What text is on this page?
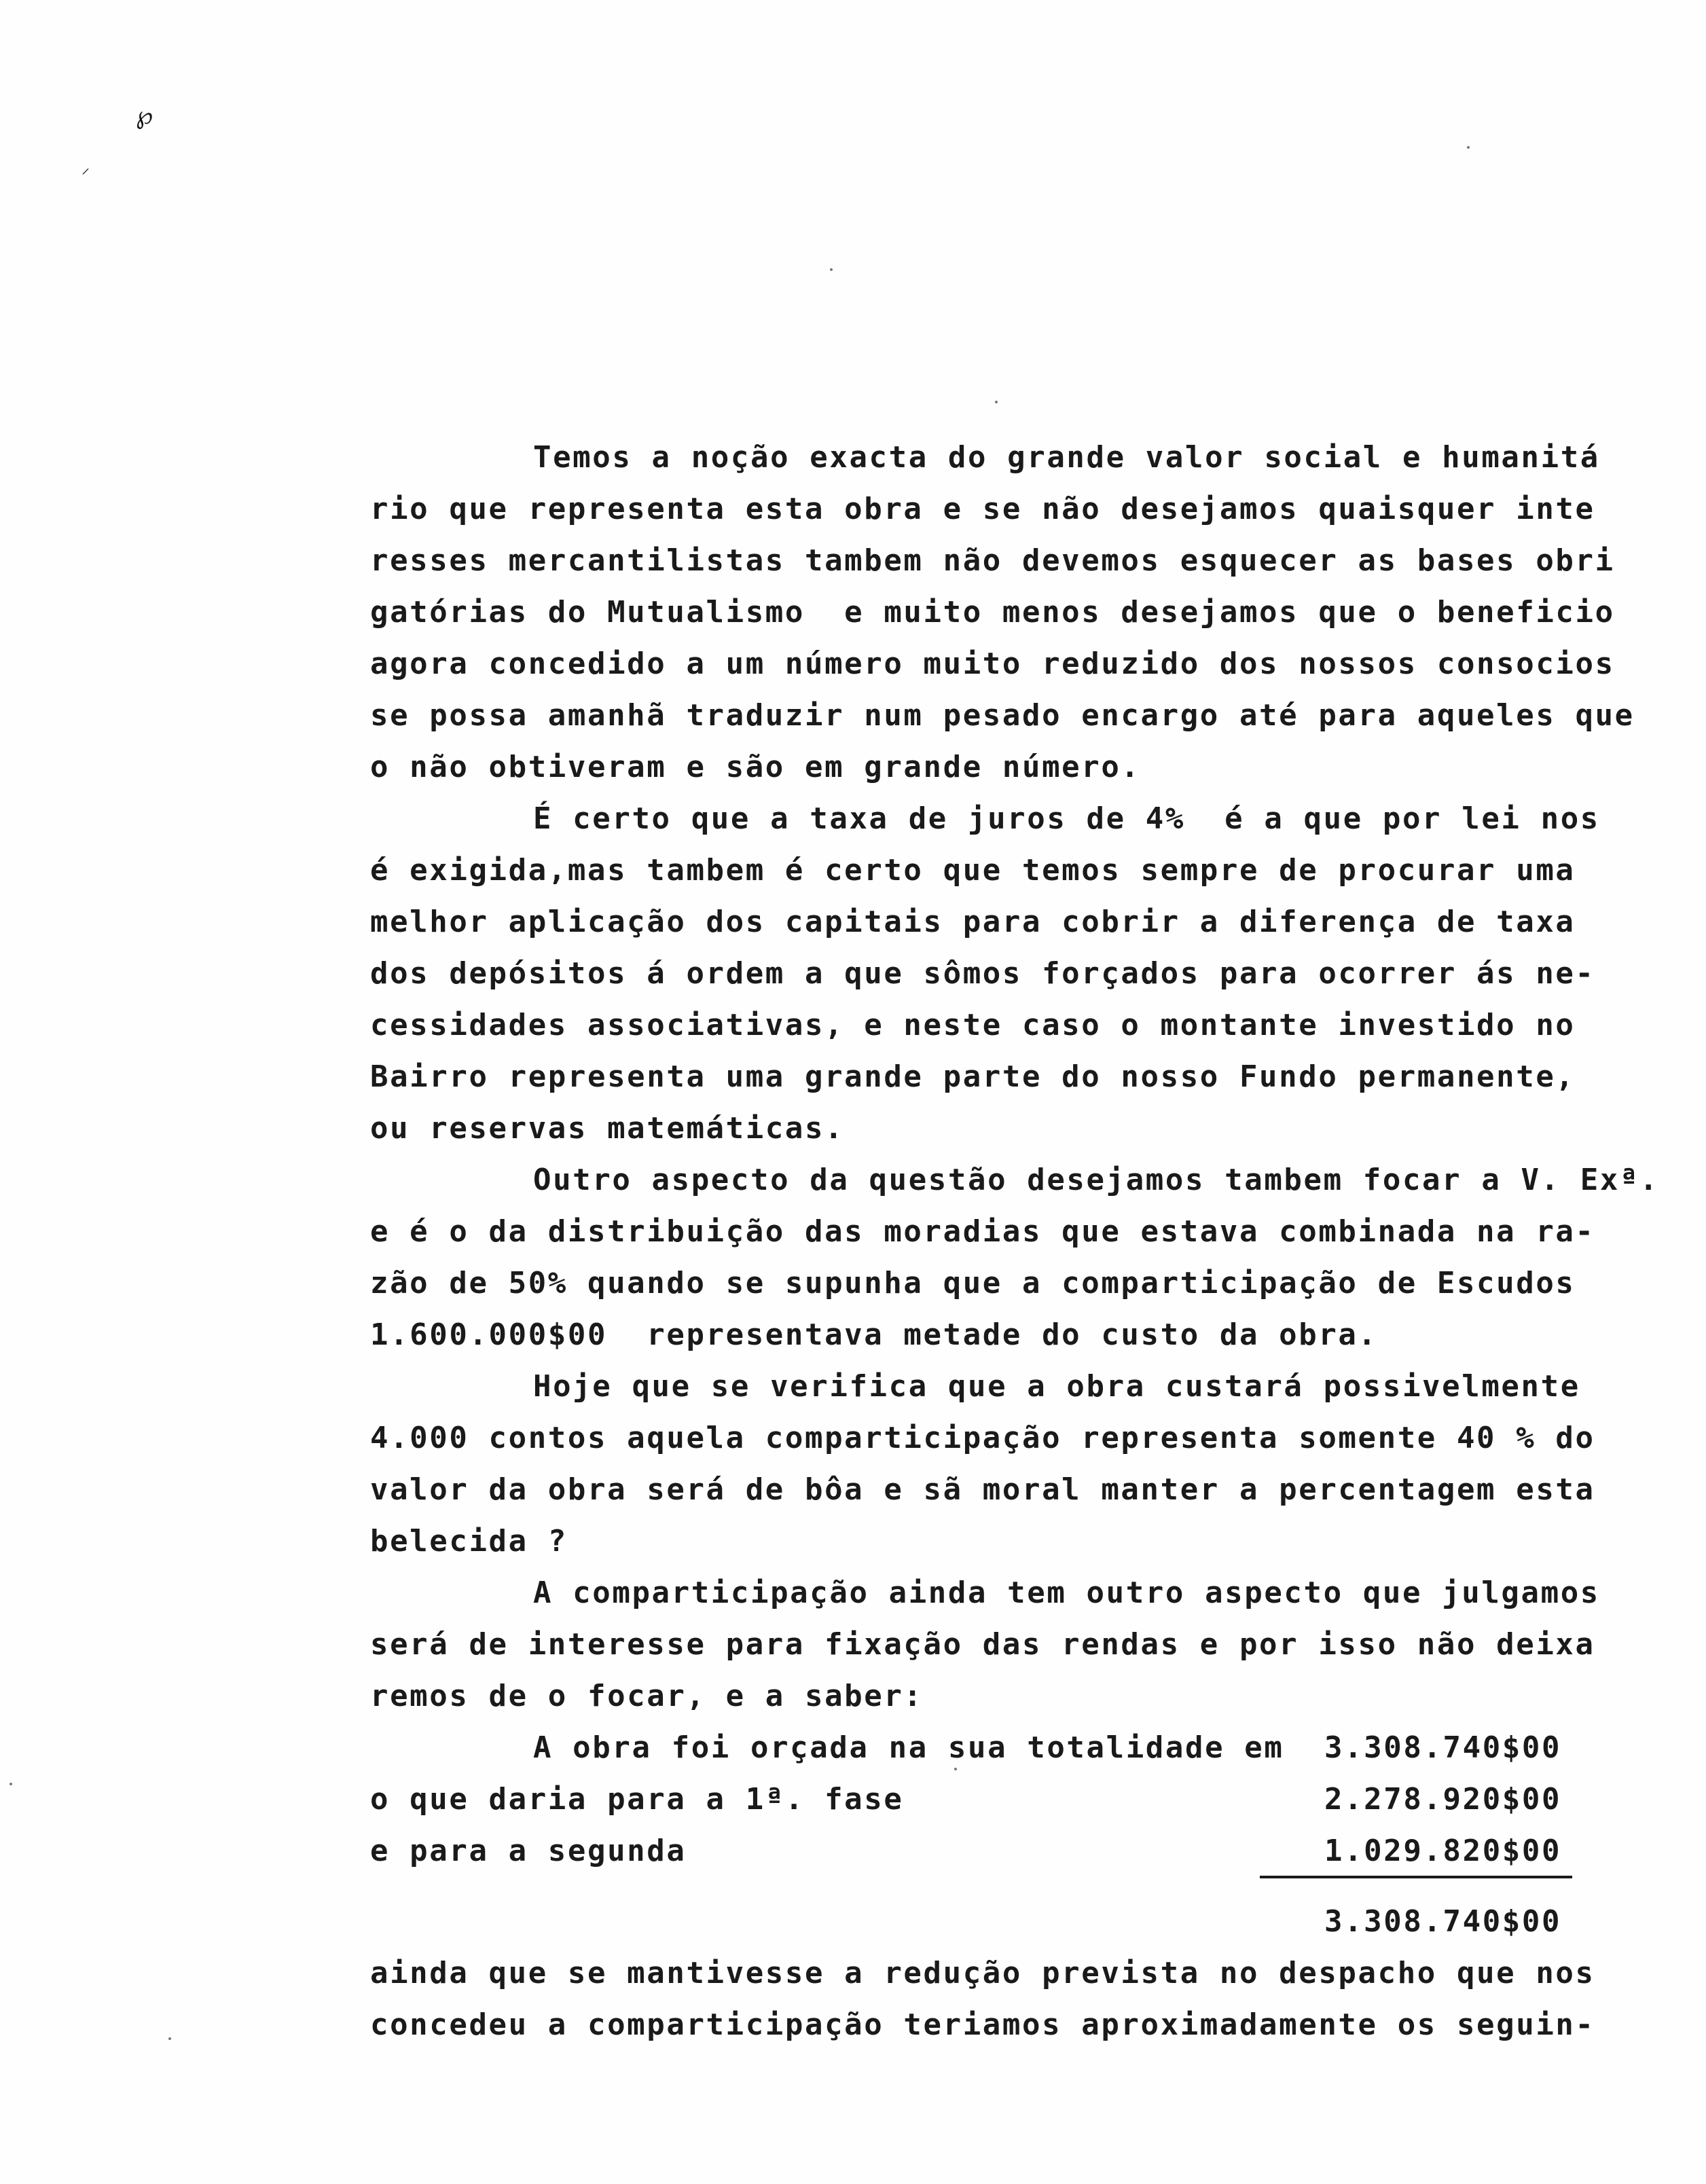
℘
⸝
Temos a noção exacta do grande valor social e humanitá
rio que representa esta obra e se não desejamos quaisquer inte
resses mercantilistas tambem não devemos esquecer as bases obri
gatórias do Mutualismo  e muito menos desejamos que o beneficio
agora concedido a um número muito reduzido dos nossos consocios
se possa amanhã traduzir num pesado encargo até para aqueles que
o não obtiveram e são em grande número.
É certo que a taxa de juros de 4%  é a que por lei nos
é exigida,mas tambem é certo que temos sempre de procurar uma
melhor aplicação dos capitais para cobrir a diferença de taxa
dos depósitos á ordem a que sômos forçados para ocorrer ás ne-
cessidades associativas, e neste caso o montante investido no
Bairro representa uma grande parte do nosso Fundo permanente,
ou reservas matemáticas.
Outro aspecto da questão desejamos tambem focar a V. Exª.
e é o da distribuição das moradias que estava combinada na ra-
zão de 50% quando se supunha que a comparticipação de Escudos
1.600.000$00  representava metade do custo da obra.
Hoje que se verifica que a obra custará possivelmente
4.000 contos aquela comparticipação representa somente 40 % do
valor da obra será de bôa e sã moral manter a percentagem esta
belecida ?
A comparticipação ainda tem outro aspecto que julgamos
será de interesse para fixação das rendas e por isso não deixa
remos de o focar, e a saber:
A obra foi orçada na sua totalidade em 3.308.740$00
o que daria para a 1ª. fase	2.278.920$00
e para a segunda	1.029.820$00
3.308.740$00
ainda que se mantivesse a redução prevista no despacho que nos
concedeu a comparticipação teriamos aproximadamente os seguin-
